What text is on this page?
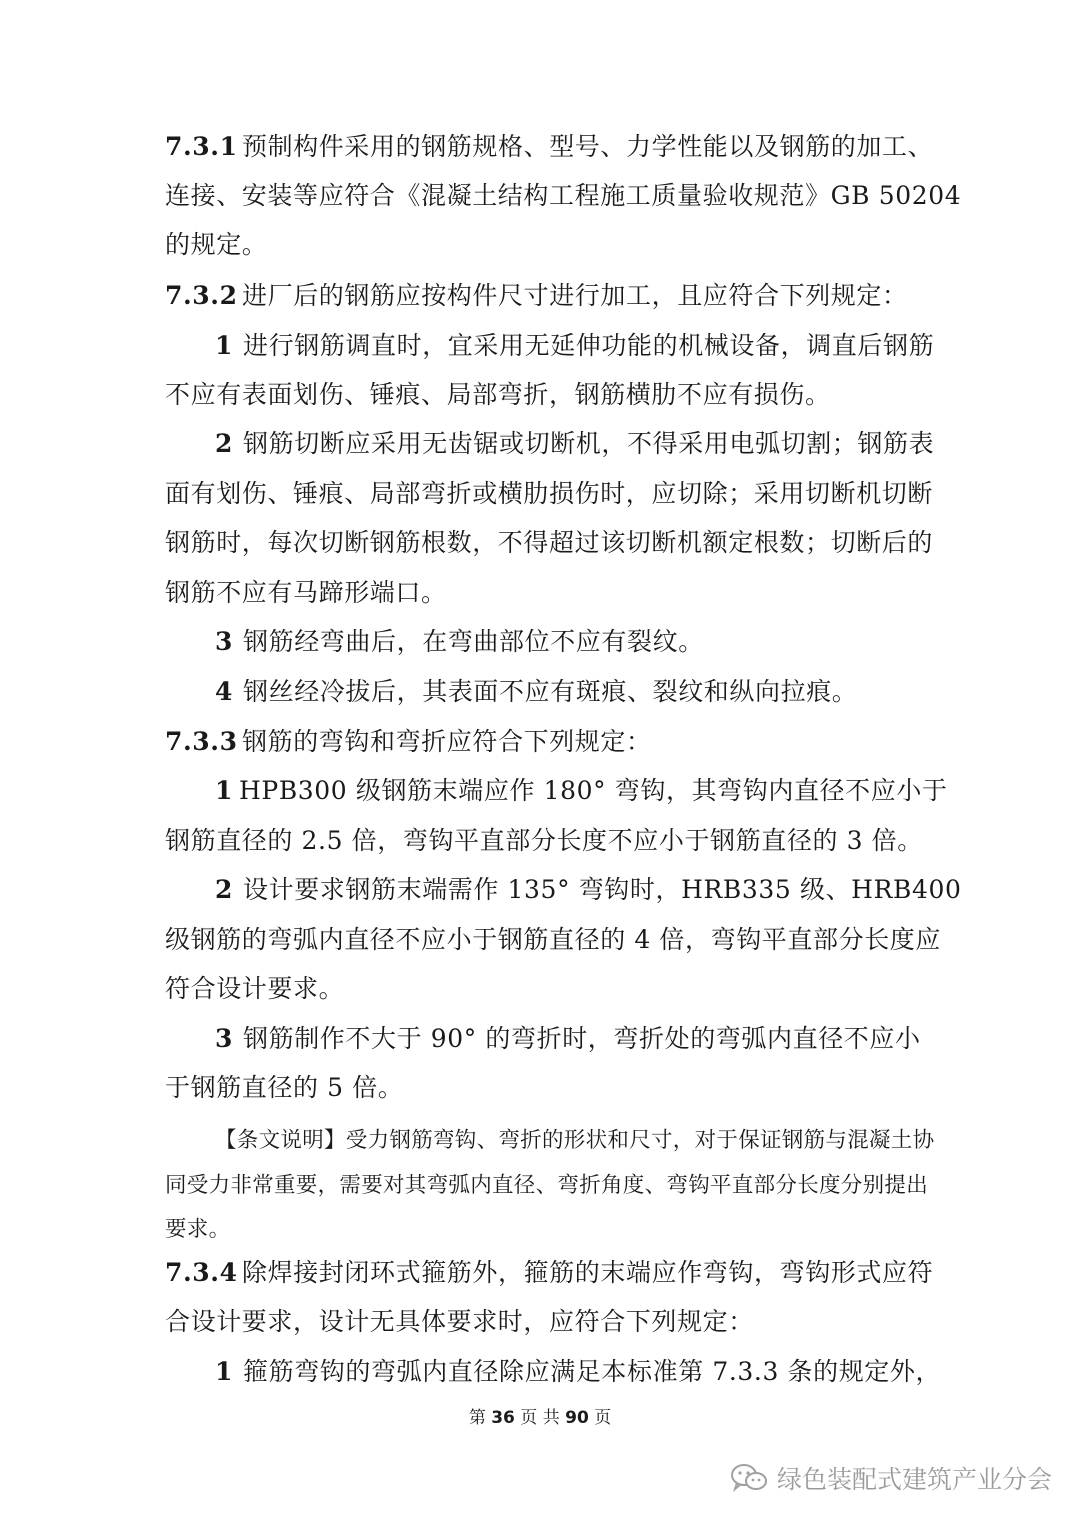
7.3.1 预制构件采用的钢筋规格、型号、力学性能以及钢筋的加工、
连接、安装等应符合《混凝土结构工程施工质量验收规范》GB 50204
的规定。
7.3.2 进厂后的钢筋应按构件尺寸进行加工，且应符合下列规定：
1 进行钢筋调直时，宜采用无延伸功能的机械设备，调直后钢筋
不应有表面划伤、锤痕、局部弯折，钢筋横肋不应有损伤。
2 钢筋切断应采用无齿锯或切断机，不得采用电弧切割；钢筋表
面有划伤、锤痕、局部弯折或横肋损伤时，应切除；采用切断机切断
钢筋时，每次切断钢筋根数，不得超过该切断机额定根数；切断后的
钢筋不应有马蹄形端口。
3 钢筋经弯曲后，在弯曲部位不应有裂纹。
4 钢丝经冷拔后，其表面不应有斑痕、裂纹和纵向拉痕。
7.3.3 钢筋的弯钩和弯折应符合下列规定：
1 HPB300 级钢筋末端应作 180° 弯钩，其弯钩内直径不应小于
钢筋直径的 2.5 倍，弯钩平直部分长度不应小于钢筋直径的 3 倍。
2 设计要求钢筋末端需作 135° 弯钩时，HRB335 级、HRB400
级钢筋的弯弧内直径不应小于钢筋直径的 4 倍，弯钩平直部分长度应
符合设计要求。
3 钢筋制作不大于 90° 的弯折时，弯折处的弯弧内直径不应小
于钢筋直径的 5 倍。
【条文说明】受力钢筋弯钩、弯折的形状和尺寸，对于保证钢筋与混凝土协
同受力非常重要，需要对其弯弧内直径、弯折角度、弯钩平直部分长度分别提出
要求。
7.3.4 除焊接封闭环式箍筋外，箍筋的末端应作弯钩，弯钩形式应符
合设计要求，设计无具体要求时，应符合下列规定：
1 箍筋弯钩的弯弧内直径除应满足本标准第 7.3.3 条的规定外，
第 36 页 共 90 页
绿色装配式建筑产业分会
